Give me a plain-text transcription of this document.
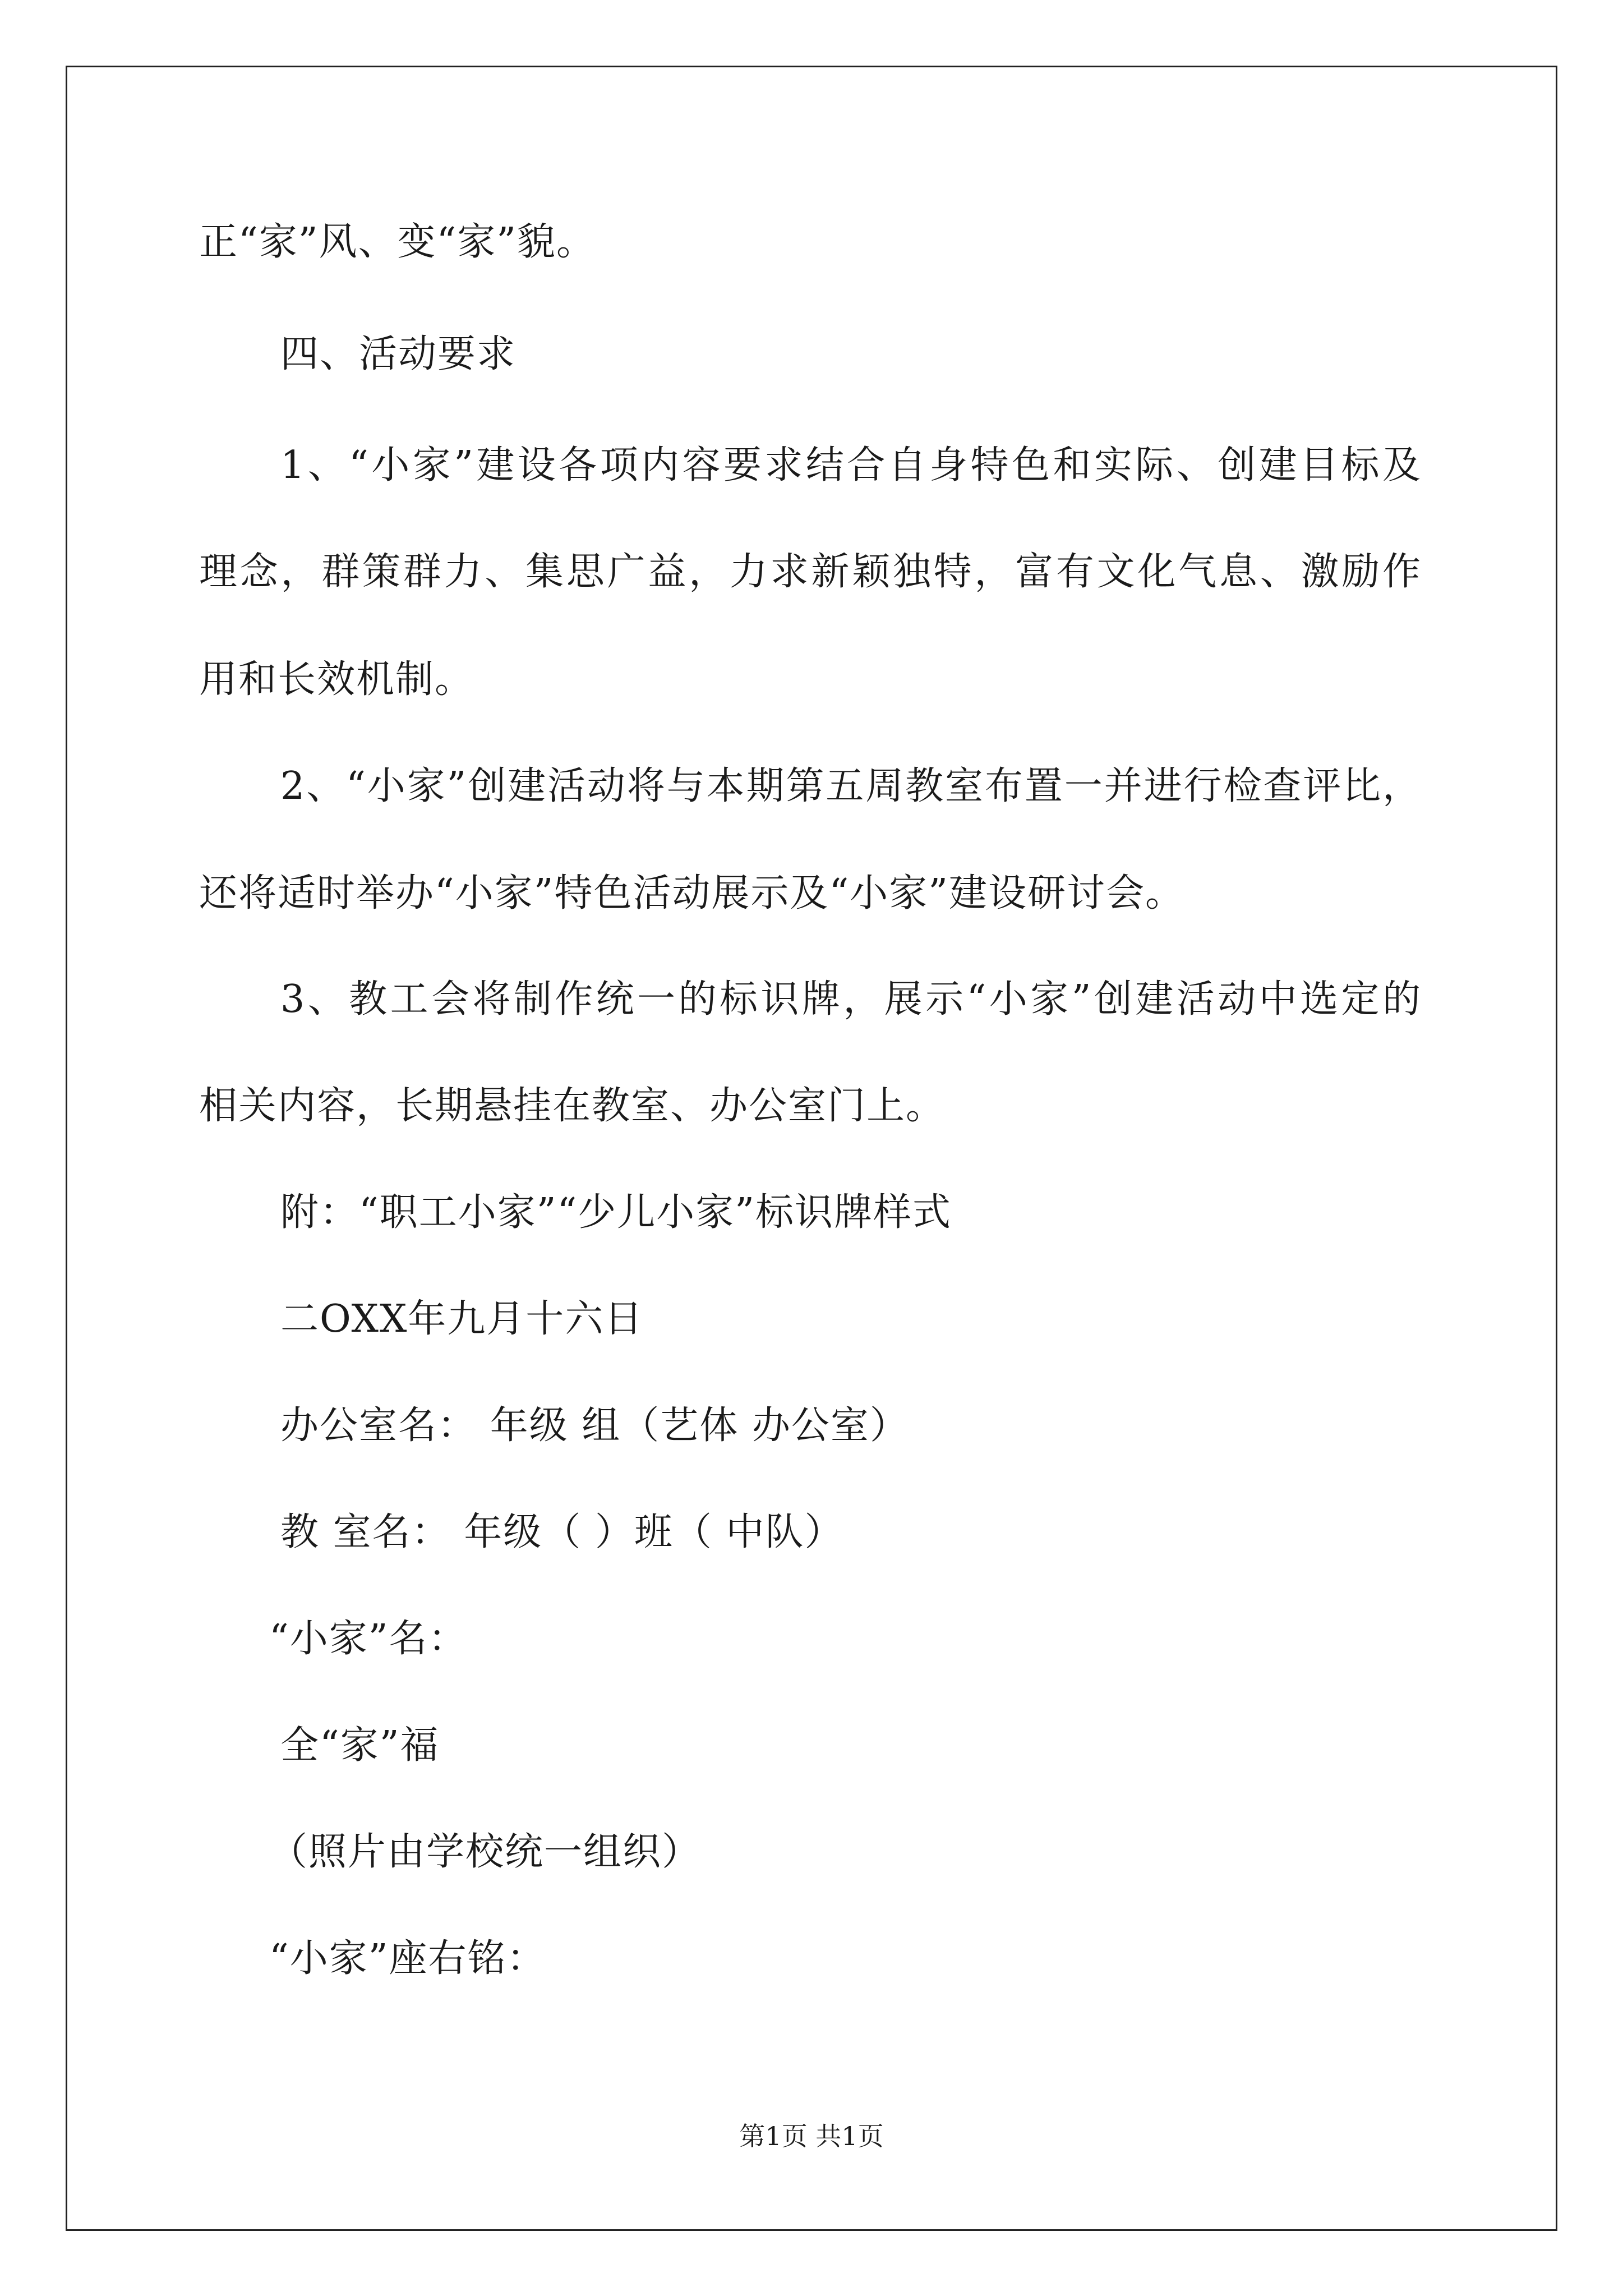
正“家”风、变“家”貌。
四、活动要求
1、“小家”建设各项内容要求结合自身特色和实际、创建目标及
理念，群策群力、集思广益，力求新颖独特，富有文化气息、激励作
用和长效机制。
2、“小家”创建活动将与本期第五周教室布置一并进行检查评比，
还将适时举办“小家”特色活动展示及“小家”建设研讨会。
3、教工会将制作统一的标识牌，展示“小家”创建活动中选定的
相关内容，长期悬挂在教室、办公室门上。
附：“职工小家”“少儿小家”标识牌样式
二OXX年九月十六日
办公室名： 年级 组（艺体 办公室）
教 室名： 年级（ ）班（ 中队）
“小家”名：
全“家”福
（照片由学校统一组织）
“小家”座右铭：
第1页 共1页
